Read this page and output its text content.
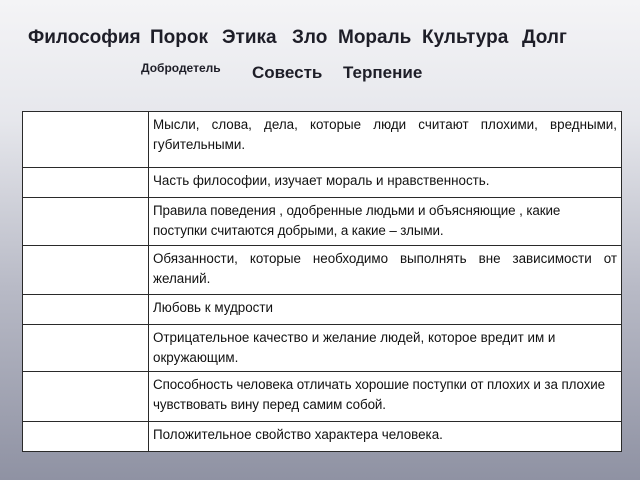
Философия Порок Этика Зло Мораль Культура Долг
Добродетель Совесть Терпение
	Мысли, слова, дела, которые люди считают плохими, вредными, губительными.
	Часть философии, изучает мораль и нравственность.
	Правила поведения , одобренные людьми и объясняющие , какие поступки считаются добрыми, а какие – злыми.
	Обязанности, которые необходимо выполнять вне зависимости от желаний.
	Любовь к мудрости
	Отрицательное качество и желание людей, которое вредит им и окружающим.
	Способность человека отличать хорошие поступки от плохих и за плохие чувствовать вину перед самим собой.
	Положительное свойство характера человека.
